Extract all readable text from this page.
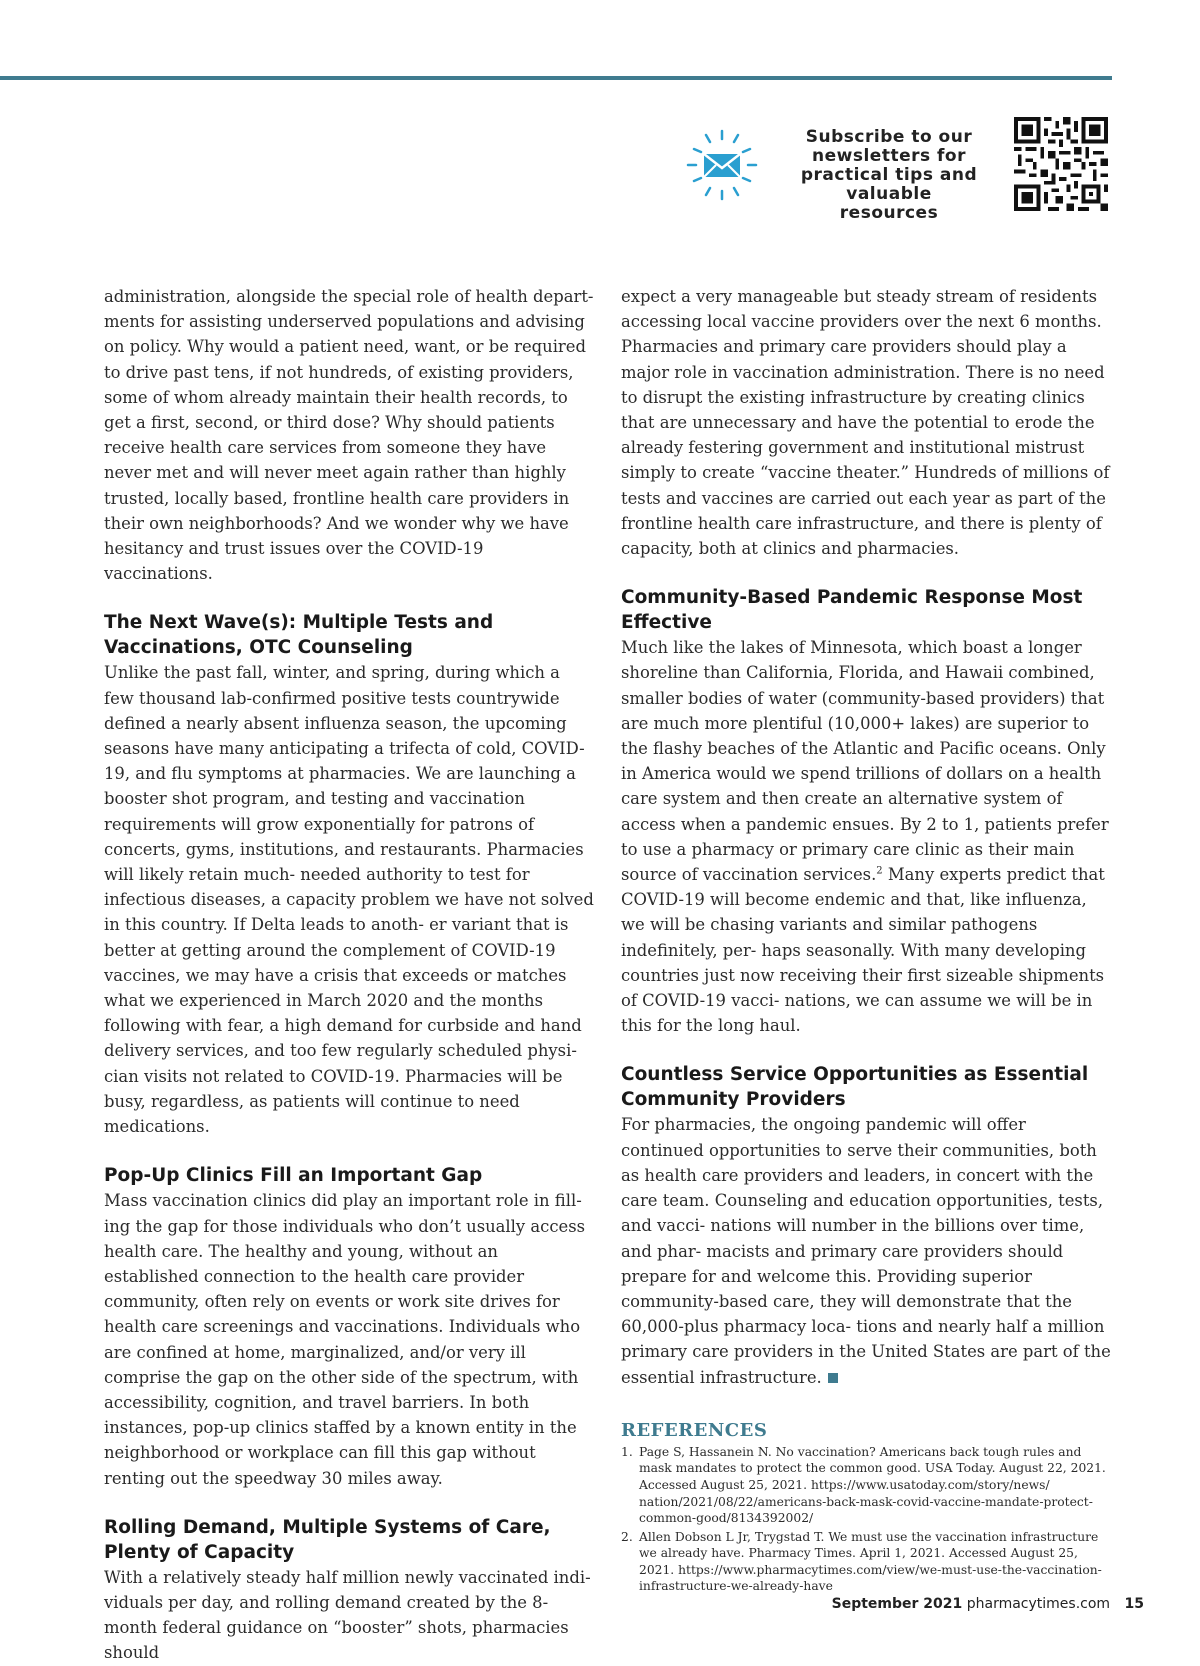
Subscribe to our newsletters for practical tips and valuable resources

administration, alongside the special role of health depart- ments for assisting underserved populations and advising on policy. Why would a patient need, want, or be required to drive past tens, if not hundreds, of existing providers, some of whom already maintain their health records, to get a first, second, or third dose? Why should patients receive health care services from someone they have never met and will never meet again rather than highly trusted, locally based, frontline health care providers in their own neighborhoods? And we wonder why we have hesitancy and trust issues over the COVID-19 vaccinations.

The Next Wave(s): Multiple Tests and Vaccinations, OTC Counseling

Unlike the past fall, winter, and spring, during which a few thousand lab-confirmed positive tests countrywide defined a nearly absent influenza season, the upcoming seasons have many anticipating a trifecta of cold, COVID-19, and flu symptoms at pharmacies. We are launching a booster shot program, and testing and vaccination requirements will grow exponentially for patrons of concerts, gyms, institutions, and restaurants. Pharmacies will likely retain much- needed authority to test for infectious diseases, a capacity problem we have not solved in this country. If Delta leads to anoth- er variant that is better at getting around the complement of COVID-19 vaccines, we may have a crisis that exceeds or matches what we experienced in March 2020 and the months following with fear, a high demand for curbside and hand delivery services, and too few regularly scheduled physi- cian visits not related to COVID-19. Pharmacies will be busy, regardless, as patients will continue to need medications.

Pop-Up Clinics Fill an Important Gap

Mass vaccination clinics did play an important role in fill- ing the gap for those individuals who don’t usually access health care. The healthy and young, without an established connection to the health care provider community, often rely on events or work site drives for health care screenings and vaccinations. Individuals who are confined at home, marginalized, and/or very ill comprise the gap on the other side of the spectrum, with accessibility, cognition, and travel barriers. In both instances, pop-up clinics staffed by a known entity in the neighborhood or workplace can fill this gap without renting out the speedway 30 miles away.

Rolling Demand, Multiple Systems of Care, Plenty of Capacity

With a relatively steady half million newly vaccinated indi- viduals per day, and rolling demand created by the 8-month federal guidance on “booster” shots, pharmacies should

expect a very manageable but steady stream of residents accessing local vaccine providers over the next 6 months. Pharmacies and primary care providers should play a major role in vaccination administration. There is no need to disrupt the existing infrastructure by creating clinics that are unnecessary and have the potential to erode the already festering government and institutional mistrust simply to create “vaccine theater.” Hundreds of millions of tests and vaccines are carried out each year as part of the frontline health care infrastructure, and there is plenty of capacity, both at clinics and pharmacies.

Community-Based Pandemic Response Most Effective

Much like the lakes of Minnesota, which boast a longer shoreline than California, Florida, and Hawaii combined, smaller bodies of water (community-based providers) that are much more plentiful (10,000+ lakes) are superior to the flashy beaches of the Atlantic and Pacific oceans. Only in America would we spend trillions of dollars on a health care system and then create an alternative system of access when a pandemic ensues. By 2 to 1, patients prefer to use a pharmacy or primary care clinic as their main source of vaccination services.$^2$ Many experts predict that COVID-19 will become endemic and that, like influenza, we will be chasing variants and similar pathogens indefinitely, per- haps seasonally. With many developing countries just now receiving their first sizeable shipments of COVID-19 vacci- nations, we can assume we will be in this for the long haul.

Countless Service Opportunities as Essential Community Providers

For pharmacies, the ongoing pandemic will offer continued opportunities to serve their communities, both as health care providers and leaders, in concert with the care team. Counseling and education opportunities, tests, and vacci- nations will number in the billions over time, and phar- macists and primary care providers should prepare for and welcome this. Providing superior community-based care, they will demonstrate that the 60,000-plus pharmacy loca- tions and nearly half a million primary care providers in the United States are part of the essential infrastructure.

REFERENCES
1. Page S, Hassanein N. No vaccination? Americans back tough rules and mask mandates to protect the common good. USA Today. August 22, 2021. Accessed August 25, 2021. https://www.usatoday.com/story/news/ nation/2021/08/22/americans-back-mask-covid-vaccine-mandate-protect- common-good/8134392002/
2. Allen Dobson L Jr, Trygstad T. We must use the vaccination infrastructure we already have. Pharmacy Times. April 1, 2021. Accessed August 25, 2021. https://www.pharmacytimes.com/view/we-must-use-the-vaccination- infrastructure-we-already-have
September 2021 pharmacytimes.com 15
